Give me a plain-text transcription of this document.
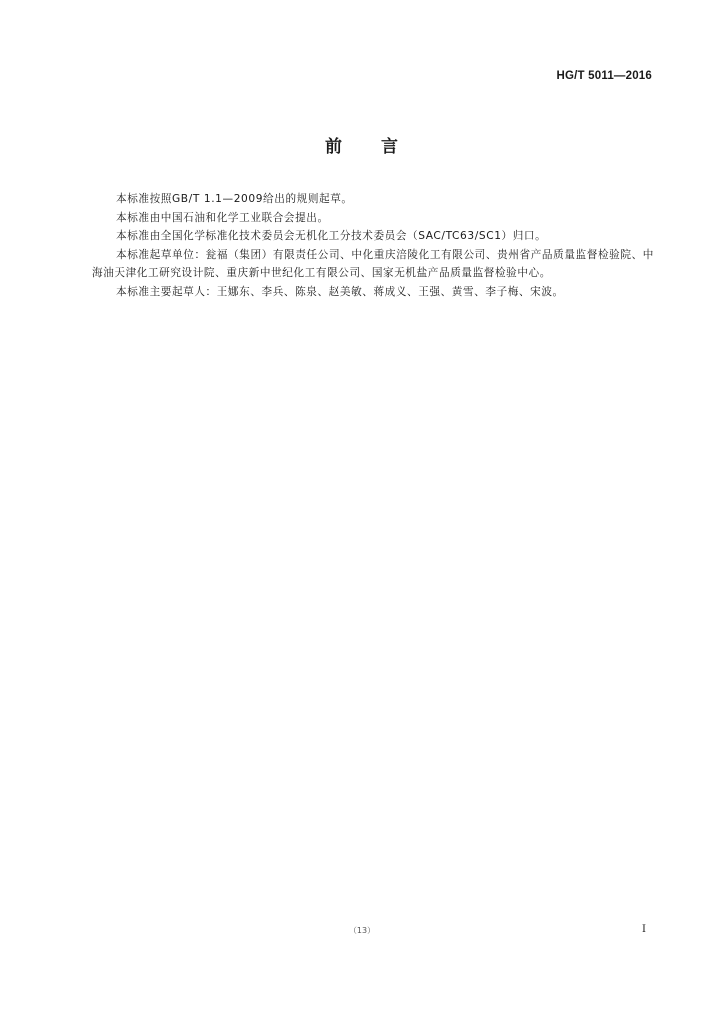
HG/T 5011—2016
前 言

本标准按照GB/T 1.1—2009给出的规则起草。

本标准由中国石油和化学工业联合会提出。

本标准由全国化学标准化技术委员会无机化工分技术委员会（SAC/TC63/SC1）归口。

本标准起草单位：瓮福（集团）有限责任公司、中化重庆涪陵化工有限公司、贵州省产品质量监督检验院、中海油天津化工研究设计院、重庆新中世纪化工有限公司、国家无机盐产品质量监督检验中心。

本标准主要起草人：王娜东、李兵、陈泉、赵美敏、蒋成义、王强、黄雪、李子梅、宋波。

（13）	I
